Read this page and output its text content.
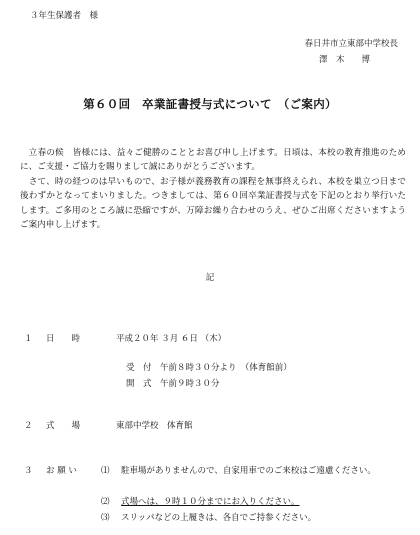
３年生保護者　様
春日井市立東部中学校長
澤　木　　博
第６０回　卒業証書授与式について　（ご案内）

　立春の候　皆様には、益々ご健勝のこととお喜び申し上げます。日頃は、本校の教育推進のために、ご支援・ご協力を賜りまして誠にありがとうございます。

　さて、時の経つのは早いもので、お子様が義務教育の課程を無事終えられ、本校を巣立つ日まで後わずかとなってまいりました。つきましては、第６０回卒業証書授与式を下記のとおり挙行いたします。ご多用のところ誠に恐縮ですが、万障お繰り合わせのうえ、ぜひご出席くださいますようご案内申し上げます。

記
１ 日　　時	平成２０年 ３月 ６日 （木）
受　付　午前８時３０分より　（体育館前）
開　式　午前９時３０分
２ 式　　場	東部中学校　体育館
３ お 願 い	⑴ 駐車場がありませんので、自家用車でのご来校はご遠慮ください。
⑵ 式場へは、９時１０分までにお入りください。
⑶ スリッパなどの上履きは、各自でご持参ください。
